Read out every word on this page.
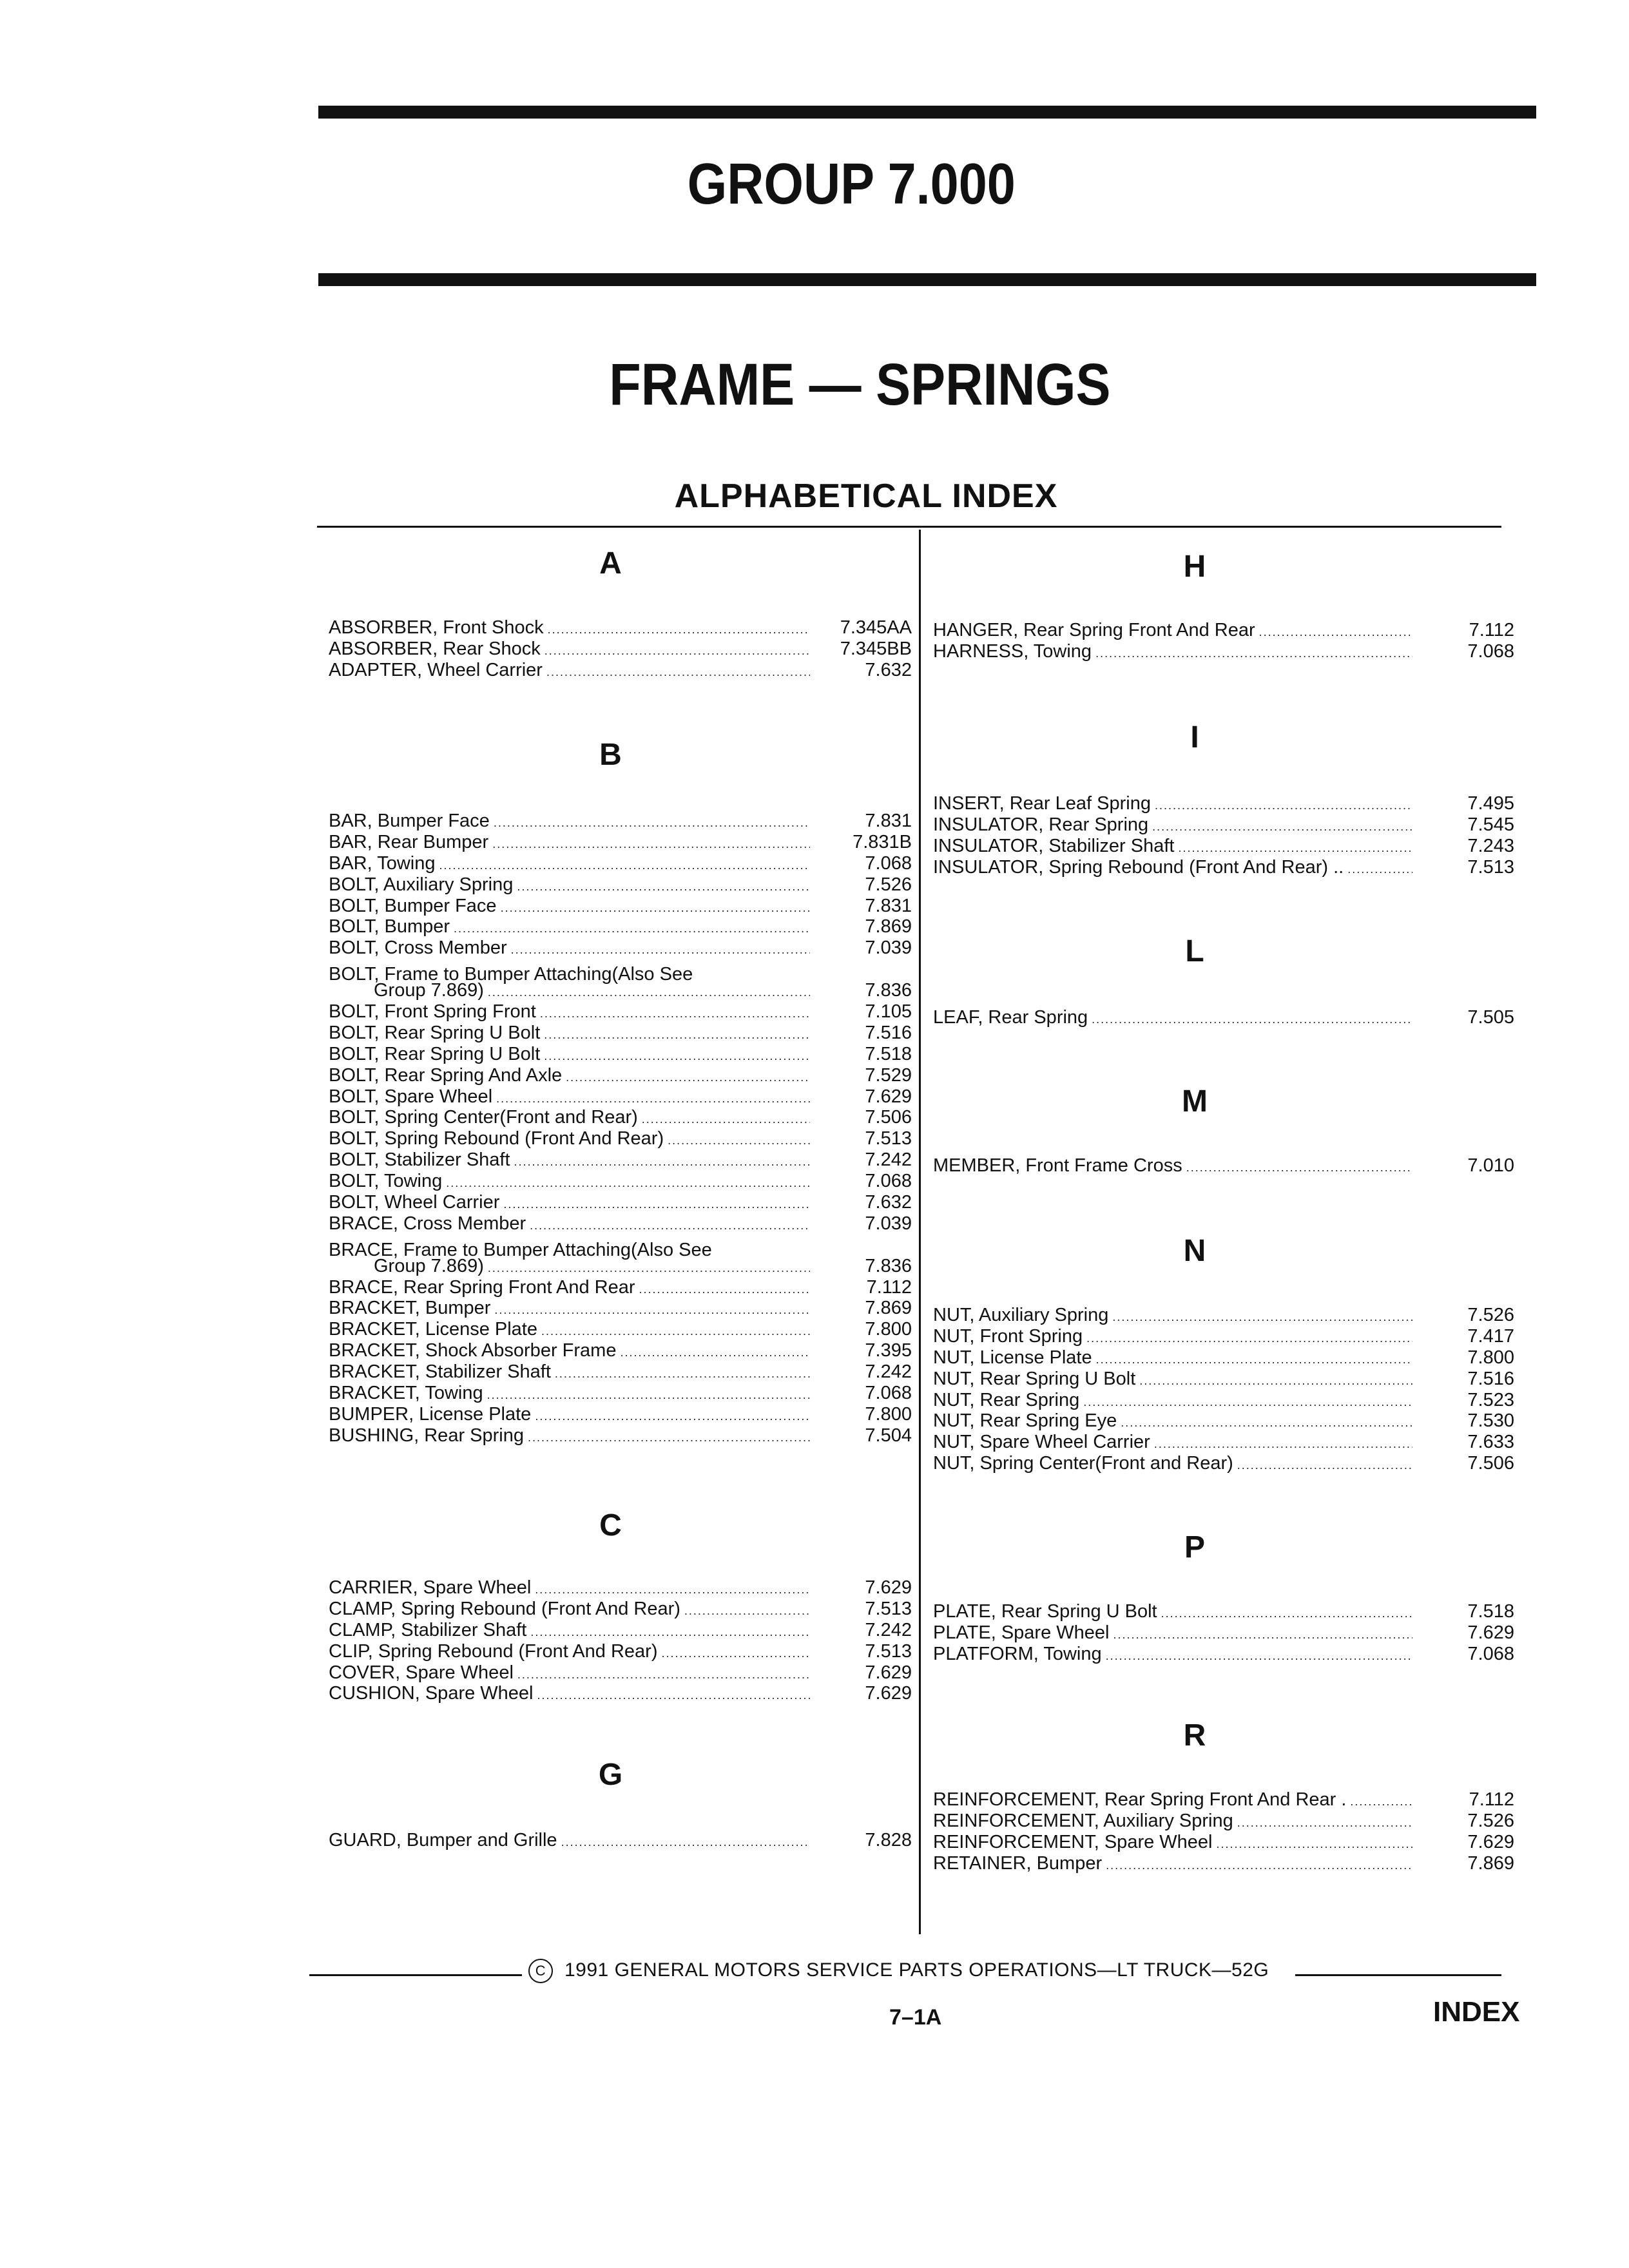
GROUP 7.000
FRAME — SPRINGS
ALPHABETICAL INDEX
A
ABSORBER, Front Shock .....	7.345AA
ABSORBER, Rear Shock .....	7.345BB
ADAPTER, Wheel Carrier .....	7.632
B
BAR, Bumper Face .....	7.831
BAR, Rear Bumper .....	7.831B
BAR, Towing .....	7.068
BOLT, Auxiliary Spring .....	7.526
BOLT, Bumper Face .....	7.831
BOLT, Bumper .....	7.869
BOLT, Cross Member .....	7.039
BOLT, Frame to Bumper Attaching(Also See
Group 7.869) .....	7.836
BOLT, Front Spring Front .....	7.105
BOLT, Rear Spring U Bolt .....	7.516
BOLT, Rear Spring U Bolt .....	7.518
BOLT, Rear Spring And Axle .....	7.529
BOLT, Spare Wheel .....	7.629
BOLT, Spring Center(Front and Rear) .....	7.506
BOLT, Spring Rebound (Front And Rear) .....	7.513
BOLT, Stabilizer Shaft .....	7.242
BOLT, Towing .....	7.068
BOLT, Wheel Carrier .....	7.632
BRACE, Cross Member .....	7.039
BRACE, Frame to Bumper Attaching(Also See
Group 7.869) .....	7.836
BRACE, Rear Spring Front And Rear .....	7.112
BRACKET, Bumper .....	7.869
BRACKET, License Plate .....	7.800
BRACKET, Shock Absorber Frame .....	7.395
BRACKET, Stabilizer Shaft .....	7.242
BRACKET, Towing .....	7.068
BUMPER, License Plate .....	7.800
BUSHING, Rear Spring .....	7.504
C
CARRIER, Spare Wheel .....	7.629
CLAMP, Spring Rebound (Front And Rear) .....	7.513
CLAMP, Stabilizer Shaft .....	7.242
CLIP, Spring Rebound (Front And Rear) .....	7.513
COVER, Spare Wheel .....	7.629
CUSHION, Spare Wheel .....	7.629
G
GUARD, Bumper and Grille .....	7.828
H
HANGER, Rear Spring Front And Rear .....	7.112
HARNESS, Towing .....	7.068
I
INSERT, Rear Leaf Spring .....	7.495
INSULATOR, Rear Spring .....	7.545
INSULATOR, Stabilizer Shaft .....	7.243
INSULATOR, Spring Rebound (Front And Rear) .. .....	7.513
L
LEAF, Rear Spring .....	7.505
M
MEMBER, Front Frame Cross .....	7.010
N
NUT, Auxiliary Spring .....	7.526
NUT, Front Spring .....	7.417
NUT, License Plate .....	7.800
NUT, Rear Spring U Bolt .....	7.516
NUT, Rear Spring .....	7.523
NUT, Rear Spring Eye .....	7.530
NUT, Spare Wheel Carrier .....	7.633
NUT, Spring Center(Front and Rear) .....	7.506
P
PLATE, Rear Spring U Bolt .....	7.518
PLATE, Spare Wheel .....	7.629
PLATFORM, Towing .....	7.068
R
REINFORCEMENT, Rear Spring Front And Rear . .....	7.112
REINFORCEMENT, Auxiliary Spring .....	7.526
REINFORCEMENT, Spare Wheel .....	7.629
RETAINER, Bumper .....	7.869
C 1991 GENERAL MOTORS SERVICE PARTS OPERATIONS—LT TRUCK—52G
7–1A	INDEX
